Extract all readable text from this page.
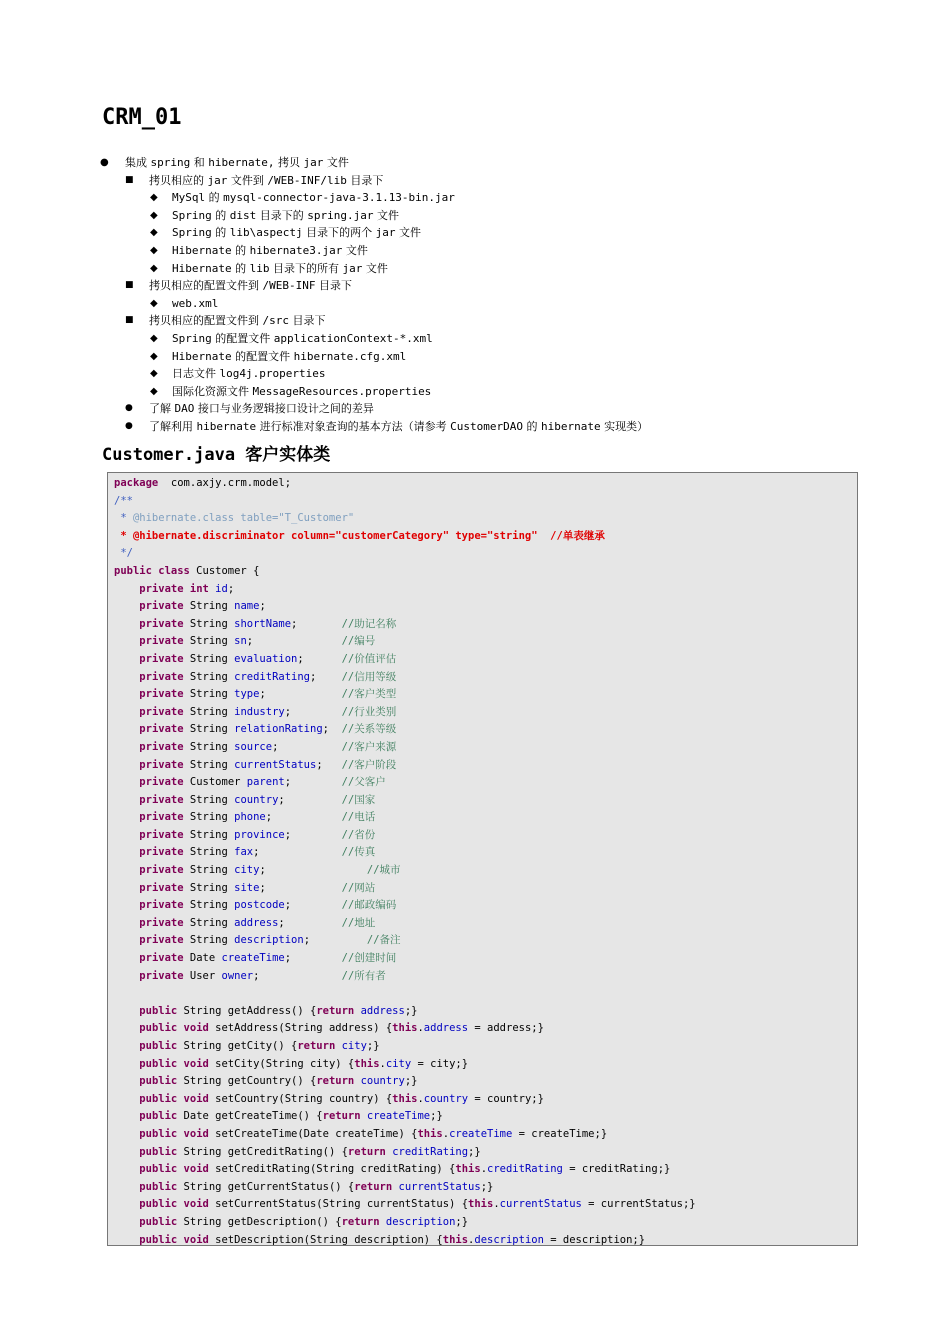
CRM_01
● 集成 spring 和 hibernate, 拷贝 jar 文件
■ 拷贝相应的 jar 文件到 /WEB-INF/lib 目录下
◆ MySql 的 mysql-connector-java-3.1.13-bin.jar
◆ Spring 的 dist 目录下的 spring.jar 文件
◆ Spring 的 lib\aspectj 目录下的两个 jar 文件
◆ Hibernate 的 hibernate3.jar 文件
◆ Hibernate 的 lib 目录下的所有 jar 文件
■ 拷贝相应的配置文件到 /WEB-INF 目录下
◆ web.xml
■ 拷贝相应的配置文件到 /src 目录下
◆ Spring 的配置文件 applicationContext-*.xml
◆ Hibernate 的配置文件 hibernate.cfg.xml
◆ 日志文件 log4j.properties
◆ 国际化资源文件 MessageResources.properties
● 了解 DAO 接口与业务逻辑接口设计之间的差异
● 了解利用 hibernate 进行标准对象查询的基本方法（请参考 CustomerDAO 的 hibernate 实现类）
Customer.java 客户实体类
package  com.axjy.crm.model;
/**
* @hibernate.class table="T_Customer"
* @hibernate.discriminator column="customerCategory" type="string"  //单表继承
*/
public class Customer {
private int id;
private String name;
private String shortName;       //助记名称
private String sn;              //编号
private String evaluation;      //价值评估
private String creditRating;    //信用等级
private String type;            //客户类型
private String industry;        //行业类别
private String relationRating;  //关系等级
private String source;          //客户来源
private String currentStatus;   //客户阶段
private Customer parent;        //父客户
private String country;         //国家
private String phone;           //电话
private String province;        //省份
private String fax;             //传真
private String city;                //城市
private String site;            //网站
private String postcode;        //邮政编码
private String address;         //地址
private String description;         //备注
private Date createTime;        //创建时间
private User owner;             //所有者

public String getAddress() {return address;}
public void setAddress(String address) {this.address = address;}
public String getCity() {return city;}
public void setCity(String city) {this.city = city;}
public String getCountry() {return country;}
public void setCountry(String country) {this.country = country;}
public Date getCreateTime() {return createTime;}
public void setCreateTime(Date createTime) {this.createTime = createTime;}
public String getCreditRating() {return creditRating;}
public void setCreditRating(String creditRating) {this.creditRating = creditRating;}
public String getCurrentStatus() {return currentStatus;}
public void setCurrentStatus(String currentStatus) {this.currentStatus = currentStatus;}
public String getDescription() {return description;}
public void setDescription(String description) {this.description = description;}
